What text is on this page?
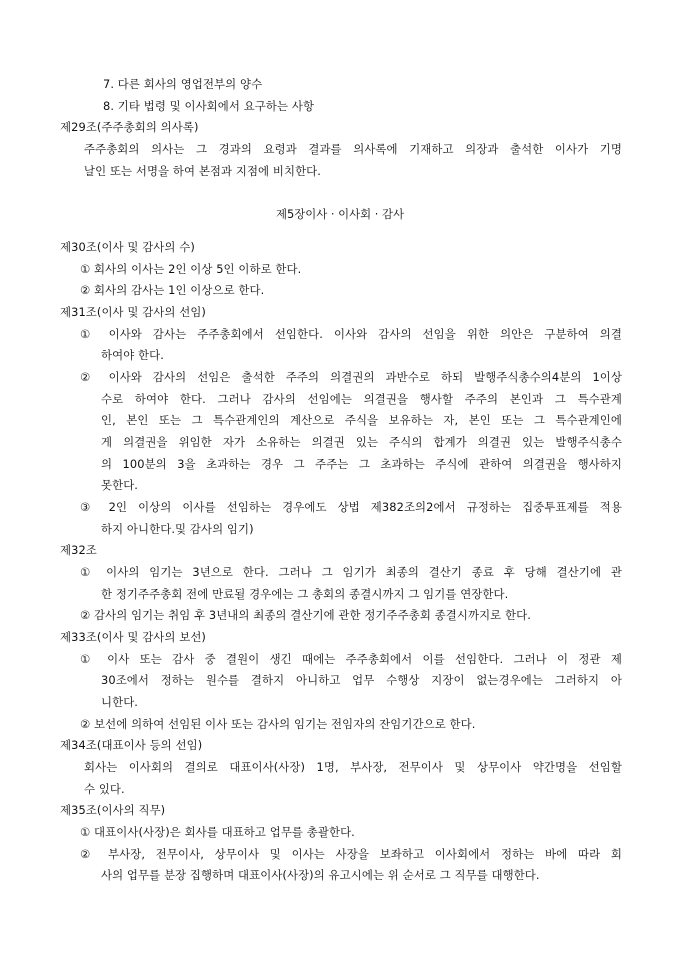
7. 다른 회사의 영업전부의 양수
8. 기타 법령 및 이사회에서 요구하는 사항
제29조(주주총회의 의사록)
주주총회의 의사는 그 경과의 요령과 결과를 의사록에 기재하고 의장과 출석한 이사가 기명
날인 또는 서명을 하여 본점과 지점에 비치한다.
제5장이사 · 이사회 · 감사
제30조(이사 및 감사의 수)
① 회사의 이사는 2인 이상 5인 이하로 한다.
② 회사의 감사는 1인 이상으로 한다.
제31조(이사 및 감사의 선임)
① 이사와 감사는 주주총회에서 선임한다. 이사와 감사의 선임을 위한 의안은 구분하여 의결
하여야 한다.
② 이사와 감사의 선임은 출석한 주주의 의결권의 과반수로 하되 발행주식총수의4분의 1이상
수로 하여야 한다. 그러나 감사의 선임에는 의결권을 행사할 주주의 본인과 그 특수관계
인, 본인 또는 그 특수관계인의 계산으로 주식을 보유하는 자, 본인 또는 그 특수관계인에
게 의결권을 위임한 자가 소유하는 의결권 있는 주식의 합계가 의결권 있는 발행주식총수
의 100분의 3을 초과하는 경우 그 주주는 그 초과하는 주식에 관하여 의결권을 행사하지
못한다.
③ 2인 이상의 이사를 선임하는 경우에도 상법 제382조의2에서 규정하는 집중투표제를 적용
하지 아니한다.및 감사의 임기)
제32조
① 이사의 임기는 3년으로 한다. 그러나 그 임기가 최종의 결산기 종료 후 당해 결산기에 관
한 정기주주총회 전에 만료될 경우에는 그 총회의 종결시까지 그 임기를 연장한다.
② 감사의 임기는 취임 후 3년내의 최종의 결산기에 관한 정기주주총회 종결시까지로 한다.
제33조(이사 및 감사의 보선)
① 이사 또는 감사 중 결원이 생긴 때에는 주주총회에서 이를 선임한다. 그러나 이 정관 제
30조에서 정하는 원수를 결하지 아니하고 업무 수행상 지장이 없는경우에는 그러하지 아
니한다.
② 보선에 의하여 선임된 이사 또는 감사의 임기는 전임자의 잔임기간으로 한다.
제34조(대표이사 등의 선임)
회사는 이사회의 결의로 대표이사(사장) 1명, 부사장, 전무이사 및 상무이사 약간명을 선임할
수 있다.
제35조(이사의 직무)
① 대표이사(사장)은 회사를 대표하고 업무를 총괄한다.
② 부사장, 전무이사, 상무이사 및 이사는 사장을 보좌하고 이사회에서 정하는 바에 따라 회
사의 업무를 분장 집행하며 대표이사(사장)의 유고시에는 위 순서로 그 직무를 대행한다.
